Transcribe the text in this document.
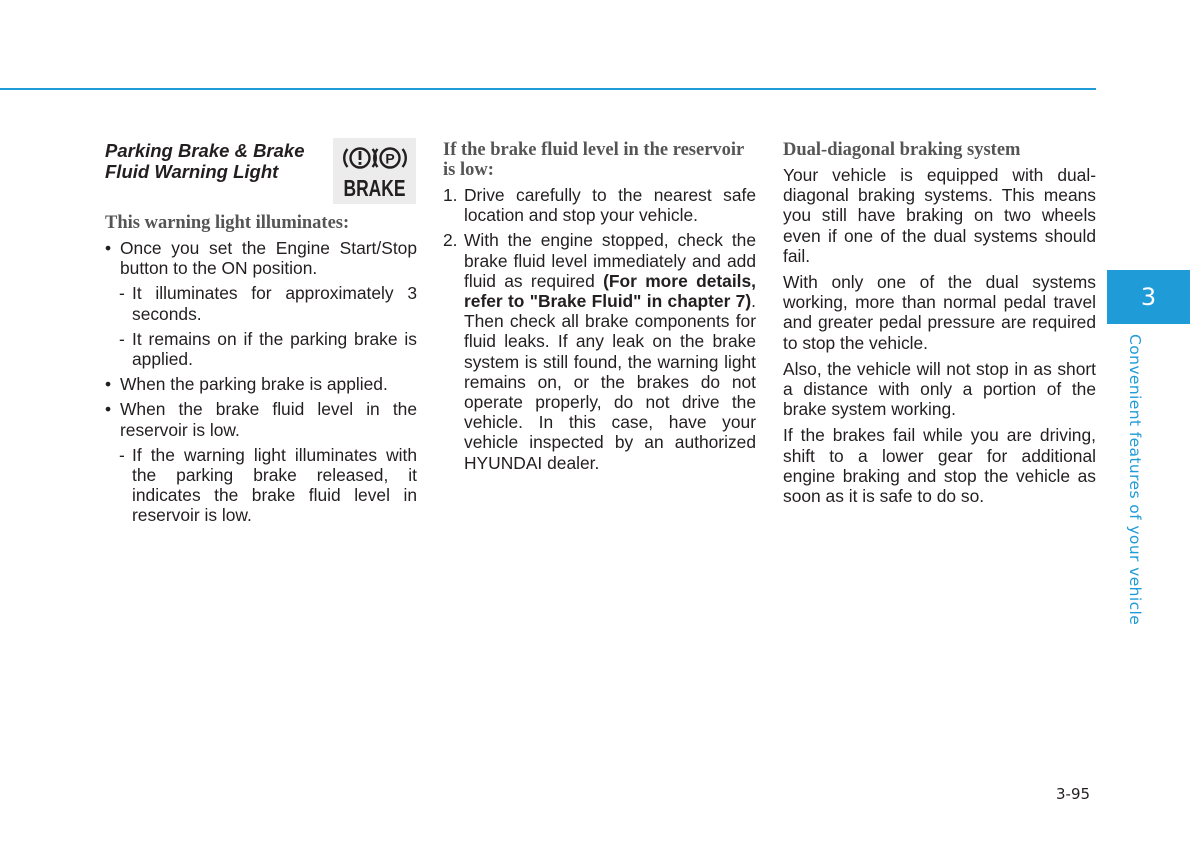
Parking Brake & Brake
Fluid Warning Light

P
BRAKE

This warning light illuminates:

• Once you set the Engine Start/Stop button to the ON position.

- It illuminates for approximately 3 seconds.

- It remains on if the parking brake is applied.

• When the parking brake is applied.

• When the brake fluid level in the reservoir is low.

- If the warning light illuminates with the parking brake released, it indicates the brake fluid level in reservoir is low.

If the brake fluid level in the reservoir is low:

1. Drive carefully to the nearest safe location and stop your vehicle.

2. With the engine stopped, check the brake fluid level immediately and add fluid as required (For more details, refer to "Brake Fluid" in chapter 7). Then check all brake components for fluid leaks. If any leak on the brake system is still found, the warning light remains on, or the brakes do not operate properly, do not drive the vehicle. In this case, have your vehicle inspected by an authorized HYUNDAI dealer.

Dual-diagonal braking system

Your vehicle is equipped with dual-diagonal braking systems. This means you still have braking on two wheels even if one of the dual systems should fail.

With only one of the dual systems working, more than normal pedal travel and greater pedal pressure are required to stop the vehicle.

Also, the vehicle will not stop in as short a distance with only a portion of the brake system working.

If the brakes fail while you are driving, shift to a lower gear for additional engine braking and stop the vehicle as soon as it is safe to do so.

3
Convenient features of your vehicle
3-95
